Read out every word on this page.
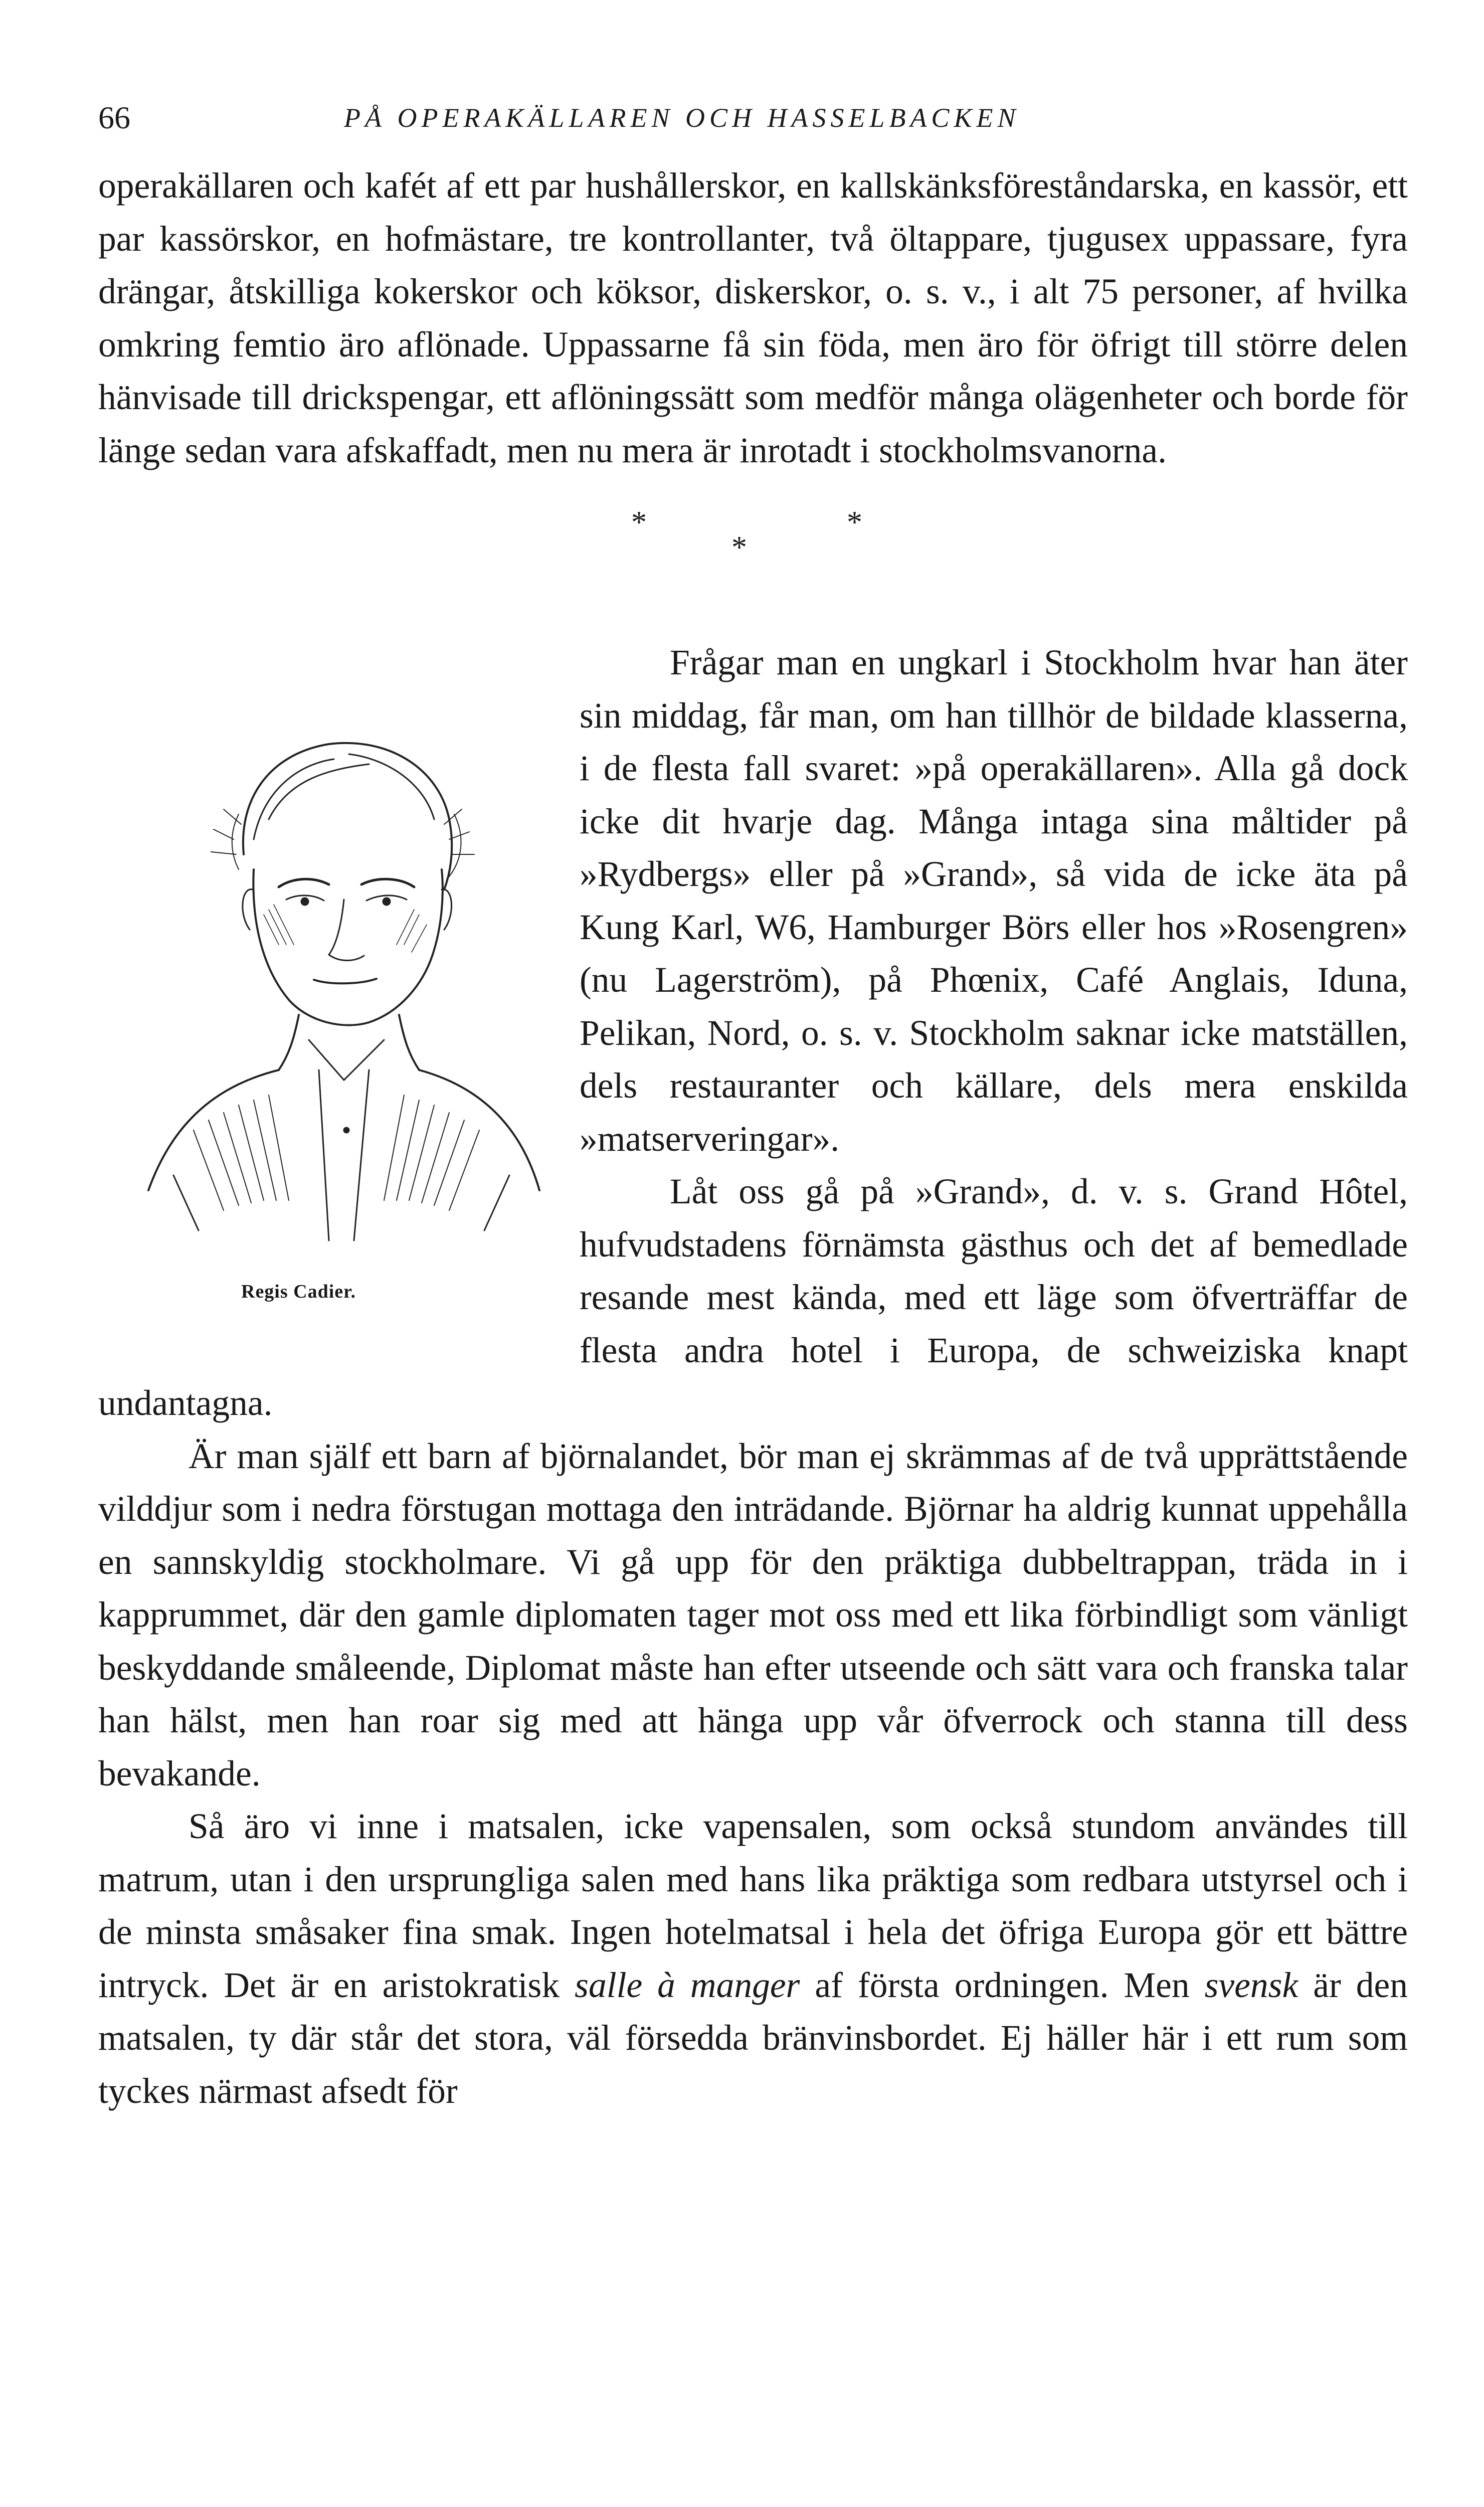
66	PÅ OPERAKÄLLAREN OCH HASSELBACKEN

operakällaren och kafét af ett par hushållerskor, en kallskänksföreståndarska, en kassör, ett par kassörskor, en hofmästare, tre kontrollanter, två öltappare, tjugusex uppassare, fyra drängar, åtskilliga kokerskor och köksor, diskerskor, o. s. v., i alt 75 personer, af hvilka omkring femtio äro aflönade. Uppassarne få sin föda, men äro för öfrigt till större delen hänvisade till drickspengar, ett aflöningssätt som medför många olägenheter och borde för länge sedan vara afskaffadt, men nu mera är inrotadt i stockholmsvanorna.

*
*
*
Regis Cadier.

Frågar man en ungkarl i Stockholm hvar han äter sin middag, får man, om han tillhör de bildade klasserna, i de flesta fall svaret: »på operakällaren». Alla gå dock icke dit hvarje dag. Många intaga sina måltider på »Rydbergs» eller på »Grand», så vida de icke äta på Kung Karl, W6, Hamburger Börs eller hos »Rosengren» (nu Lagerström), på Phœnix, Café Anglais, Iduna, Pelikan, Nord, o. s. v. Stockholm saknar icke matställen, dels restauranter och källare, dels mera enskilda »matserveringar».

Låt oss gå på »Grand», d. v. s. Grand Hôtel, hufvudstadens förnämsta gästhus och det af bemedlade resande mest kända, med ett läge som öfverträffar de flesta andra hotel i Europa, de schweiziska knapt undantagna.

Är man själf ett barn af björnalandet, bör man ej skrämmas af de två upprättstående vilddjur som i nedra förstugan mottaga den inträdande. Björnar ha aldrig kunnat uppehålla en sannskyldig stockholmare. Vi gå upp för den präktiga dubbeltrappan, träda in i kapprummet, där den gamle diplomaten tager mot oss med ett lika förbindligt som vänligt beskyddande småleende, Diplomat måste han efter utseende och sätt vara och franska talar han hälst, men han roar sig med att hänga upp vår öfverrock och stanna till dess bevakande.

Så äro vi inne i matsalen, icke vapensalen, som också stundom användes till matrum, utan i den ursprungliga salen med hans lika präktiga som redbara utstyrsel och i de minsta småsaker fina smak. Ingen hotelmatsal i hela det öfriga Europa gör ett bättre intryck. Det är en aristokratisk salle à manger af första ordningen. Men svensk är den matsalen, ty där står det stora, väl försedda bränvinsbordet. Ej häller här i ett rum som tyckes närmast afsedt för
